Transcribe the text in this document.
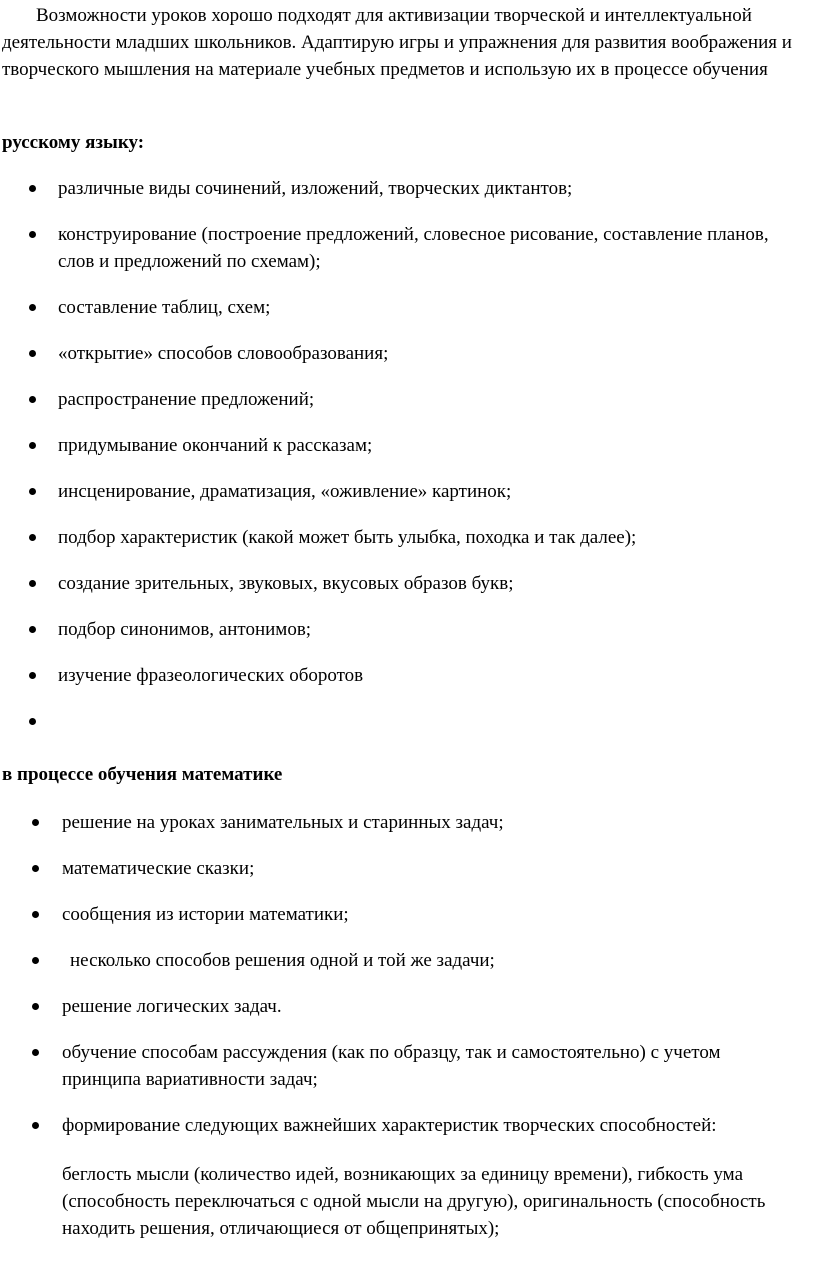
Возможности уроков хорошо подходят для активизации творческой и интеллектуальной деятельности младших школьников. Адаптирую игры и упражнения для развития воображения и творческого мышления на материале учебных предметов и использую их в процессе обучения

русскому языку:

различные виды сочинений, изложений, творческих диктантов;
конструирование (построение предложений, словесное рисование, составление планов, слов и предложений по схемам);
составление таблиц, схем;
«открытие» способов словообразования;
распространение предложений;
придумывание окончаний к рассказам;
инсценирование, драматизация, «оживление» картинок;
подбор характеристик (какой может быть улыбка, походка и так далее);
создание зрительных, звуковых, вкусовых образов букв;
подбор синонимов, антонимов;
изучение фразеологических оборотов

в процессе обучения математике

решение на уроках занимательных и старинных задач;
математические сказки;
сообщения из истории математики;
несколько способов решения одной и той же задачи;
решение логических задач.
обучение способам рассуждения (как по образцу, так и самостоятельно) с учетом принципа вариативности задач;
формирование следующих важнейших характеристик творческих способностей:

беглость мысли (количество идей, возникающих за единицу времени), гибкость ума (способность переключаться с одной мысли на другую), оригинальность (способность находить решения, отличающиеся от общепринятых);
